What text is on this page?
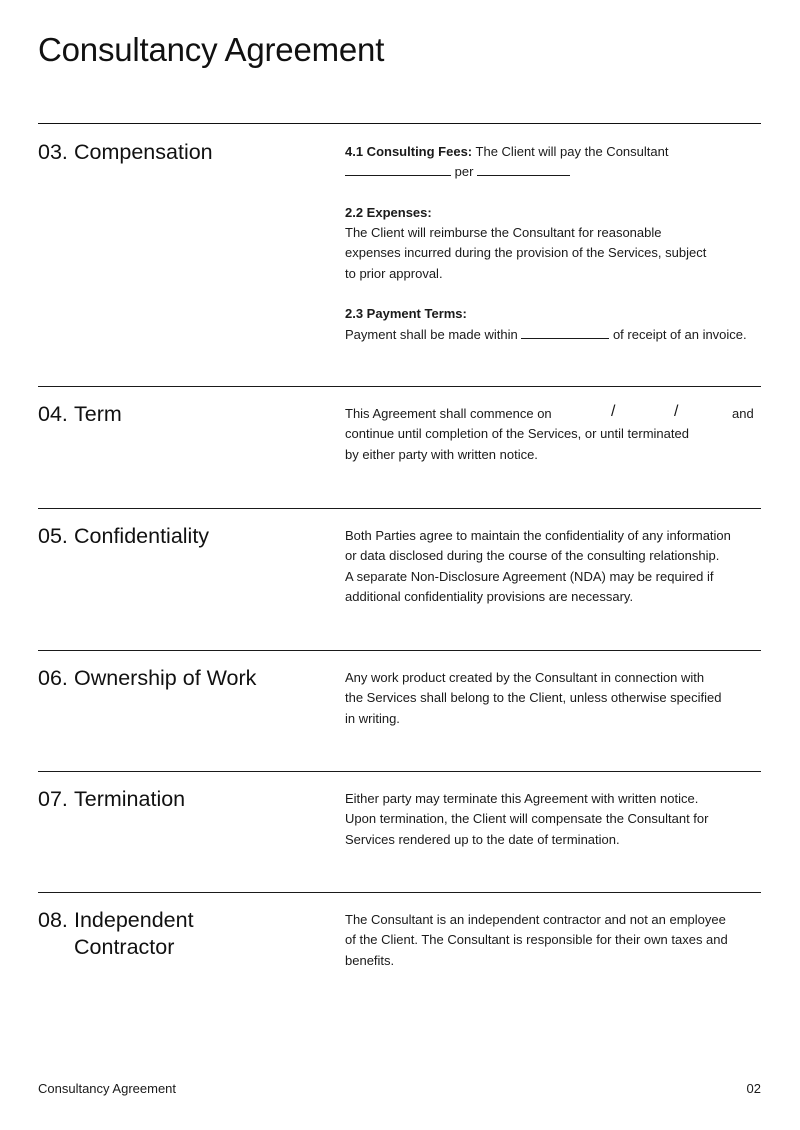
Consultancy Agreement
03. Compensation	4.1 Consulting Fees: The Client will pay the Consultant

per

2.2 Expenses:

The Client will reimburse the Consultant for reasonable

expenses incurred during the provision of the Services, subject

to prior approval.

2.3 Payment Terms:

Payment shall be made within	of receipt of an invoice.

04. Term	This Agreement shall commence on	/	/	and

continue until completion of the Services, or until terminated

by either party with written notice.

05. Confidentiality	Both Parties agree to maintain the confidentiality of any information

or data disclosed during the course of the consulting relationship.

A separate Non-Disclosure Agreement (NDA) may be required if

additional confidentiality provisions are necessary.

06. Ownership of Work	Any work product created by the Consultant in connection with

the Services shall belong to the Client, unless otherwise specified

in writing.

07. Termination	Either party may terminate this Agreement with written notice.

Upon termination, the Client will compensate the Consultant for

Services rendered up to the date of termination.

08. Independent
Contractor

The Consultant is an independent contractor and not an employee

of the Client. The Consultant is responsible for their own taxes and

benefits.

Consultancy Agreement	02
